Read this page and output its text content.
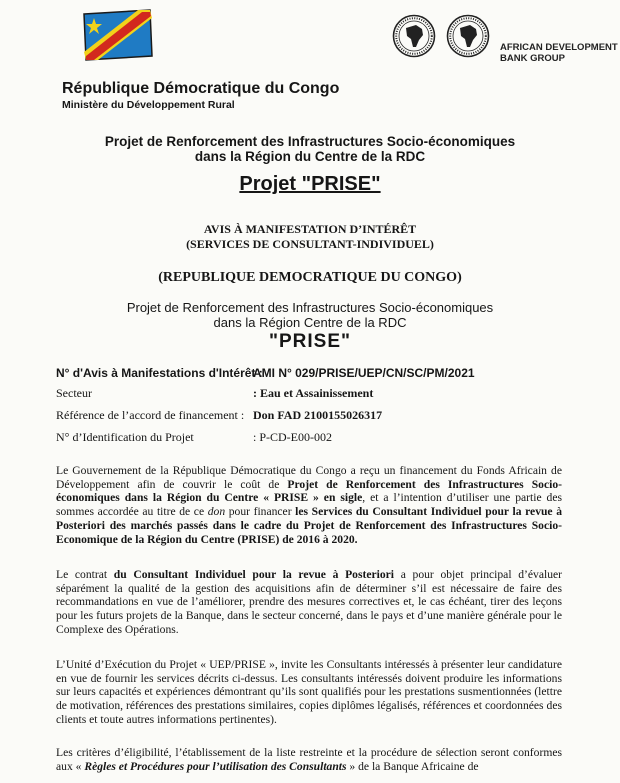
AFRICAN DEVELOPMENT
BANK GROUP
République Démocratique du Congo
Ministère du Développement Rural
Projet de Renforcement des Infrastructures Socio-économiques
dans la Région du Centre de la RDC
Projet "PRISE"
AVIS À MANIFESTATION D’INTÉRÊT
(SERVICES DE CONSULTANT-INDIVIDUEL)
(REPUBLIQUE DEMOCRATIQUE DU CONGO)
Projet de Renforcement des Infrastructures Socio-économiques
dans la Région Centre de la RDC
"PRISE"
N° d'Avis à Manifestations d'Intérêt :
AMI N° 029/PRISE/UEP/CN/SC/PM/2021
Secteur	: Eau et Assainissement
Référence de l’accord de financement : Don FAD 2100155026317
N° d’Identification du Projet	: P-CD-E00-002
Le Gouvernement de la République Démocratique du Congo a reçu un financement du Fonds Africain de Développement afin de couvrir le coût de Projet de Renforcement des Infrastructures Socio-économiques dans la Région du Centre « PRISE » en sigle, et a l’intention d’utiliser une partie des sommes accordée au titre de ce don pour financer les Services du Consultant Individuel pour la revue à Posteriori des marchés passés dans le cadre du Projet de Renforcement des Infrastructures Socio-Economique de la Région du Centre (PRISE) de 2016 à 2020.
Le contrat du Consultant Individuel pour la revue à Posteriori a pour objet principal d’évaluer séparément la qualité de la gestion des acquisitions afin de déterminer s’il est nécessaire de faire des recommandations en vue de l’améliorer, prendre des mesures correctives et, le cas échéant, tirer des leçons pour les futurs projets de la Banque, dans le secteur concerné, dans le pays et d’une manière générale pour le Complexe des Opérations.
L’Unité d’Exécution du Projet « UEP/PRISE », invite les Consultants intéressés à présenter leur candidature en vue de fournir les services décrits ci-dessus. Les consultants intéressés doivent produire les informations sur leurs capacités et expériences démontrant qu’ils sont qualifiés pour les prestations susmentionnées (lettre de motivation, références des prestations similaires, copies diplômes légalisés, références et coordonnées des clients et toute autres informations pertinentes).
Les critères d’éligibilité, l’établissement de la liste restreinte et la procédure de sélection seront conformes aux « Règles et Procédures pour l’utilisation des Consultants » de la Banque Africaine de
